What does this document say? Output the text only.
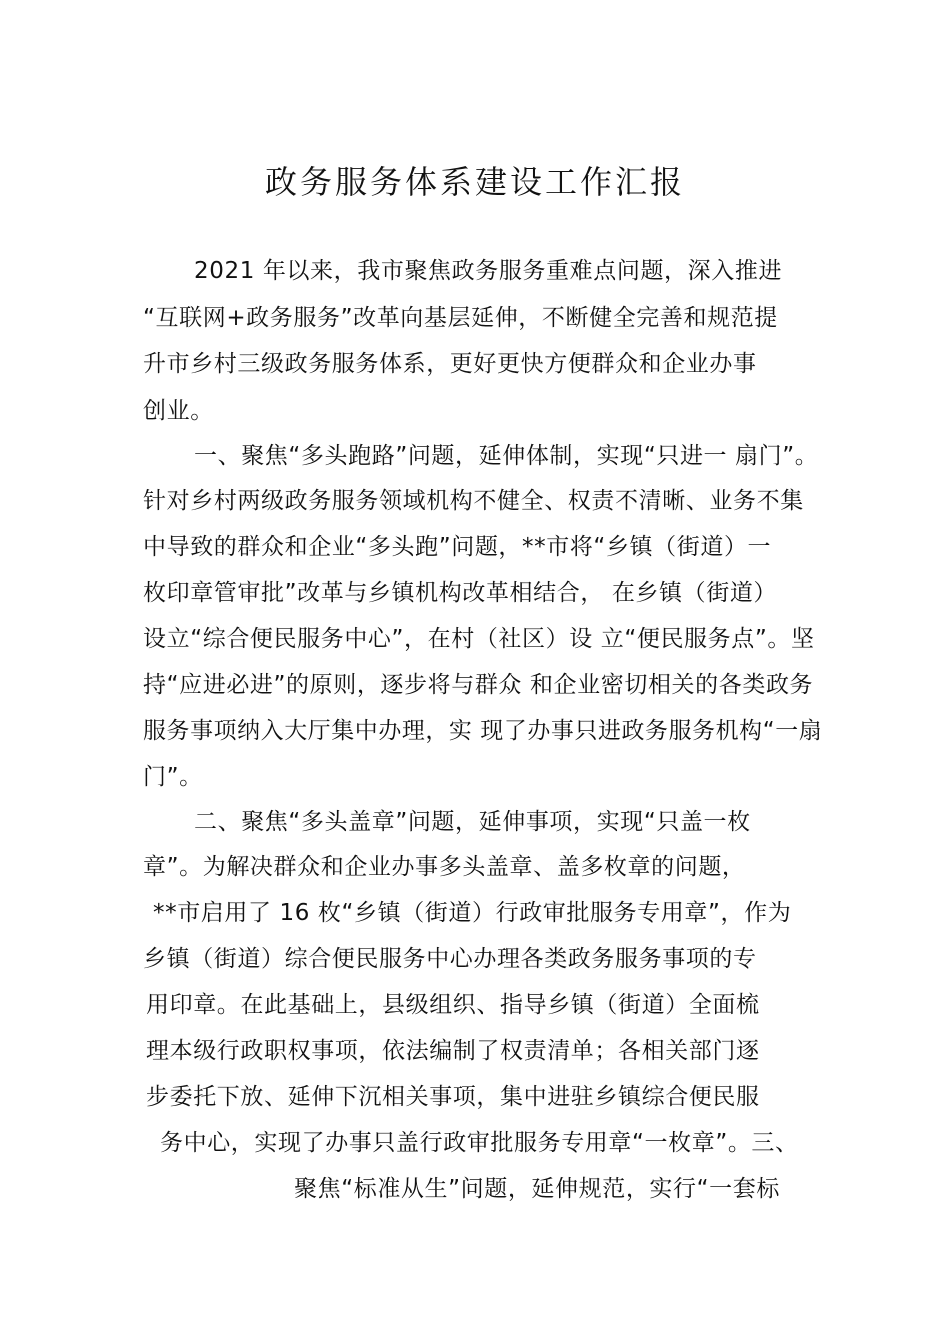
政务服务体系建设工作汇报
2021 年以来，我市聚焦政务服务重难点问题，深入推进
“互联网+政务服务”改革向基层延伸，不断健全完善和规范提
升市乡村三级政务服务体系，更好更快方便群众和企业办事
创业。
一、聚焦“多头跑路”问题，延伸体制，实现“只进一 扇门”。
针对乡村两级政务服务领域机构不健全、权责不清晰、业务不集
中导致的群众和企业“多头跑”问题，**市将“乡镇（街道）一
枚印章管审批”改革与乡镇机构改革相结合， 在乡镇（街道）
设立“综合便民服务中心”，在村（社区）设 立“便民服务点”。坚
持“应进必进”的原则，逐步将与群众 和企业密切相关的各类政务
服务事项纳入大厅集中办理，实 现了办事只进政务服务机构“一扇
门”。
二、聚焦“多头盖章”问题，延伸事项，实现“只盖一枚
章”。为解决群众和企业办事多头盖章、盖多枚章的问题，
**市启用了 16 枚“乡镇（街道）行政审批服务专用章”，作为
乡镇（街道）综合便民服务中心办理各类政务服务事项的专
用印章。在此基础上，县级组织、指导乡镇（街道）全面梳
理本级行政职权事项，依法编制了权责清单；各相关部门逐
步委托下放、延伸下沉相关事项，集中进驻乡镇综合便民服
务中心，实现了办事只盖行政审批服务专用章“一枚章”。三、
聚焦“标准从生”问题，延伸规范，实行“一套标
